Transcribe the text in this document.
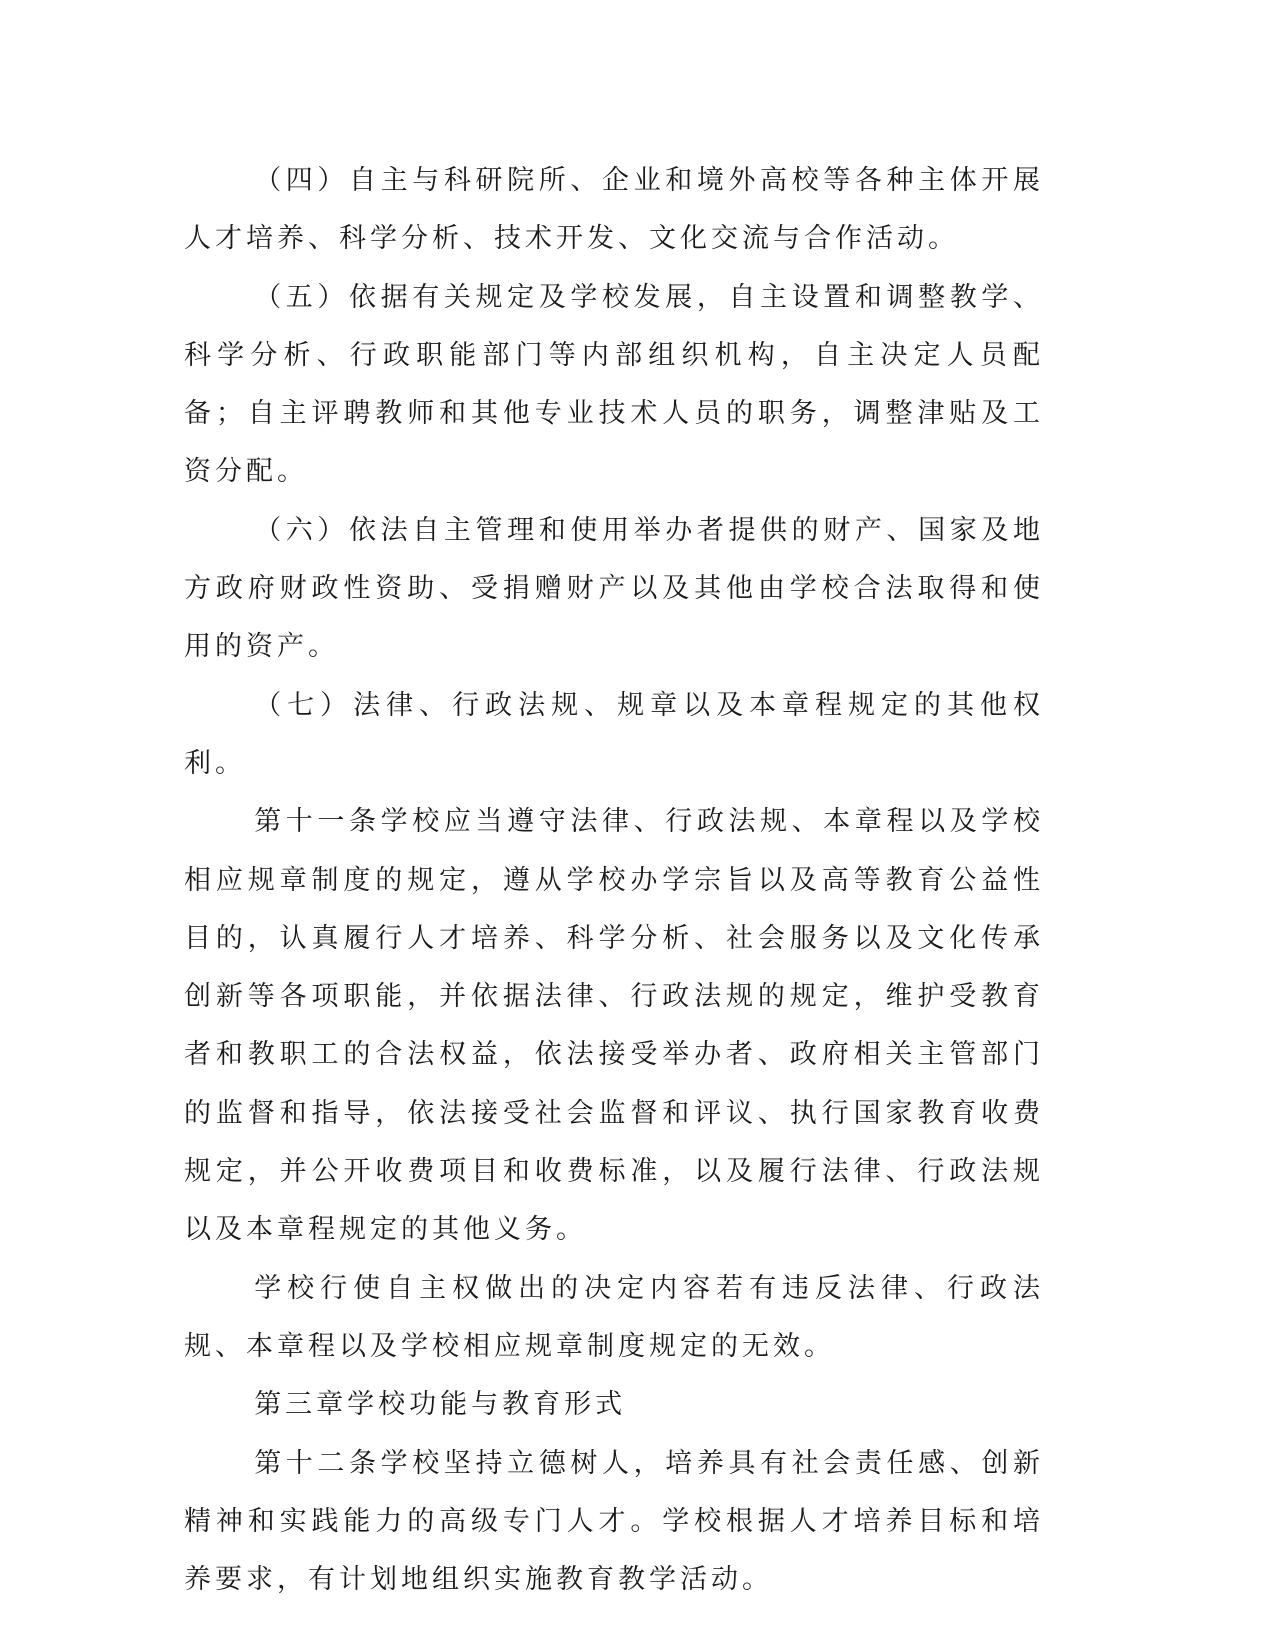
（四）自主与科研院所、企业和境外高校等各种主体开展人才培养、科学分析、技术开发、文化交流与合作活动。

（五）依据有关规定及学校发展，自主设置和调整教学、科学分析、行政职能部门等内部组织机构，自主决定人员配备；自主评聘教师和其他专业技术人员的职务，调整津贴及工资分配。

（六）依法自主管理和使用举办者提供的财产、国家及地方政府财政性资助、受捐赠财产以及其他由学校合法取得和使用的资产。

（七）法律、行政法规、规章以及本章程规定的其他权利。

第十一条学校应当遵守法律、行政法规、本章程以及学校相应规章制度的规定，遵从学校办学宗旨以及高等教育公益性目的，认真履行人才培养、科学分析、社会服务以及文化传承创新等各项职能，并依据法律、行政法规的规定，维护受教育者和教职工的合法权益，依法接受举办者、政府相关主管部门的监督和指导，依法接受社会监督和评议、执行国家教育收费规定，并公开收费项目和收费标准，以及履行法律、行政法规以及本章程规定的其他义务。

学校行使自主权做出的决定内容若有违反法律、行政法规、本章程以及学校相应规章制度规定的无效。

第三章学校功能与教育形式

第十二条学校坚持立德树人，培养具有社会责任感、创新精神和实践能力的高级专门人才。学校根据人才培养目标和培养要求，有计划地组织实施教育教学活动。
